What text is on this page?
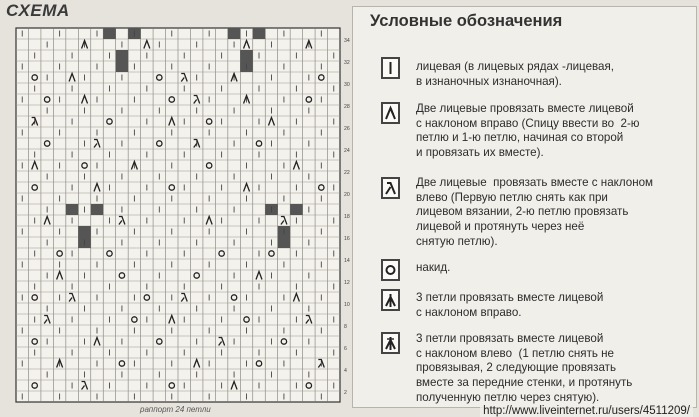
СХЕМА
34
32
30
28
26
24
22
20
18
16
14
12
10
8
6
4
2
раппорт 24 петли
Условные обозначения
лицевая (в лицевых рядах -лицевая,
в изнаночных изнаночная).
Две лицевые провязать вместе лицевой
с наклоном вправо (Спицу ввести во  2-ю
петлю и 1-ю петлю, начиная со второй
и провязать их вместе).
Две лицевые  провязать вместе с наклоном
влево (Первую петлю снять как при
лицевом вязании, 2-ю петлю провязать
лицевой и протянуть через неё
снятую петлю).
накид.
3 петли провязать вместе лицевой
с наклоном вправо.
3 петли провязать вместе лицевой
с наклоном влево  (1 петлю снять не
провязывая, 2 следующие провязать
вместе за передние стенки, и протянуть
полученную петлю через снятую).
http://www.liveinternet.ru/users/4511209/
